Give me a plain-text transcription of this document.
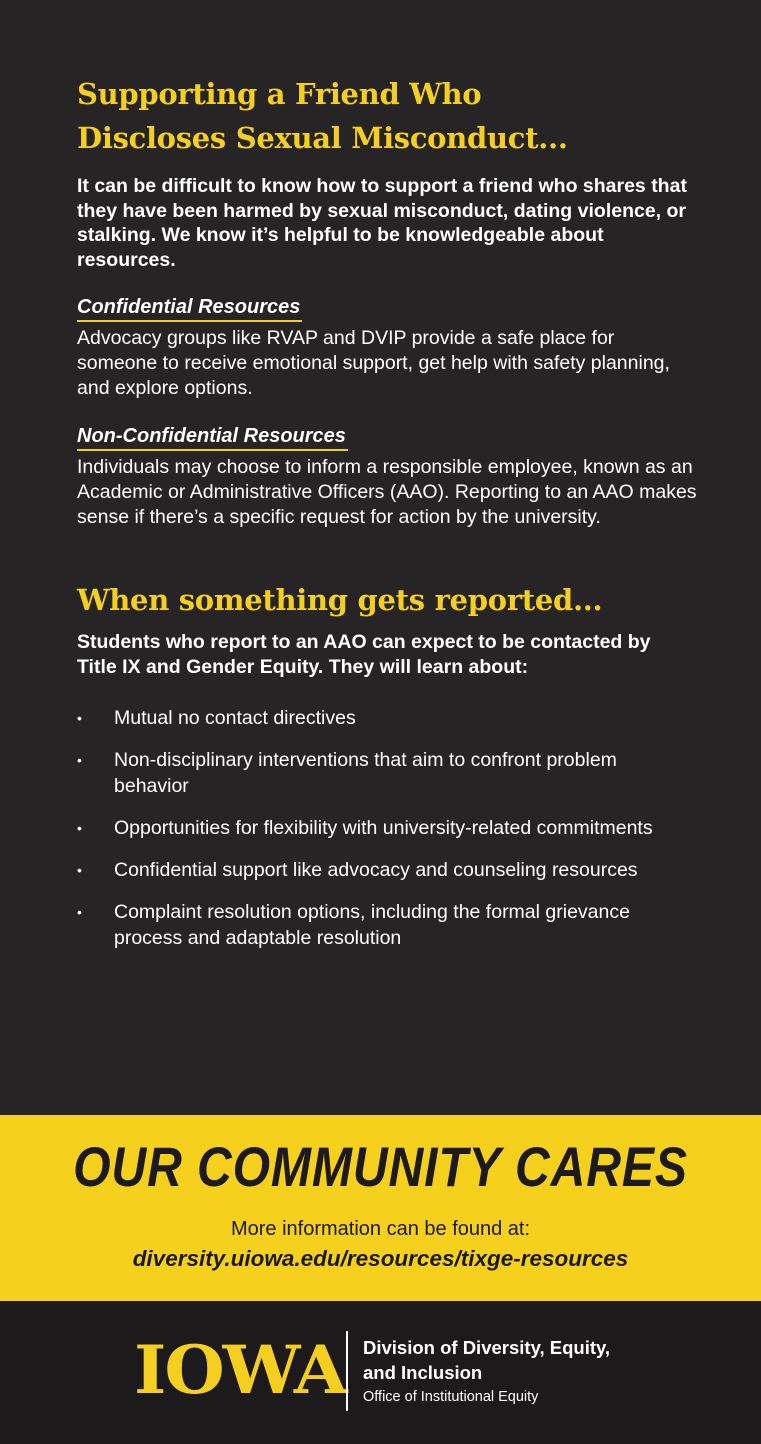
Supporting a Friend Who
Discloses Sexual Misconduct...

It can be difficult to know how to support a friend who shares that they have been harmed by sexual misconduct, dating violence, or stalking. We know it’s helpful to be knowledgeable about resources.

Confidential Resources

Advocacy groups like RVAP and DVIP provide a safe place for someone to receive emotional support, get help with safety planning, and explore options.

Non-Confidential Resources

Individuals may choose to inform a responsible employee, known as an Academic or Administrative Officers (AAO). Reporting to an AAO makes sense if there’s a specific request for action by the university.

When something gets reported...

Students who report to an AAO can expect to be contacted by Title IX and Gender Equity. They will learn about:

• Mutual no contact directives
• Non-disciplinary interventions that aim to confront problem behavior
• Opportunities for flexibility with university-related commitments
• Confidential support like advocacy and counseling resources
• Complaint resolution options, including the formal grievance process and adaptable resolution
OUR COMMUNITY CARES
More information can be found at:
diversity.uiowa.edu/resources/tixge-resources
IOWA Division of Diversity, Equity,
and Inclusion
Office of Institutional Equity
